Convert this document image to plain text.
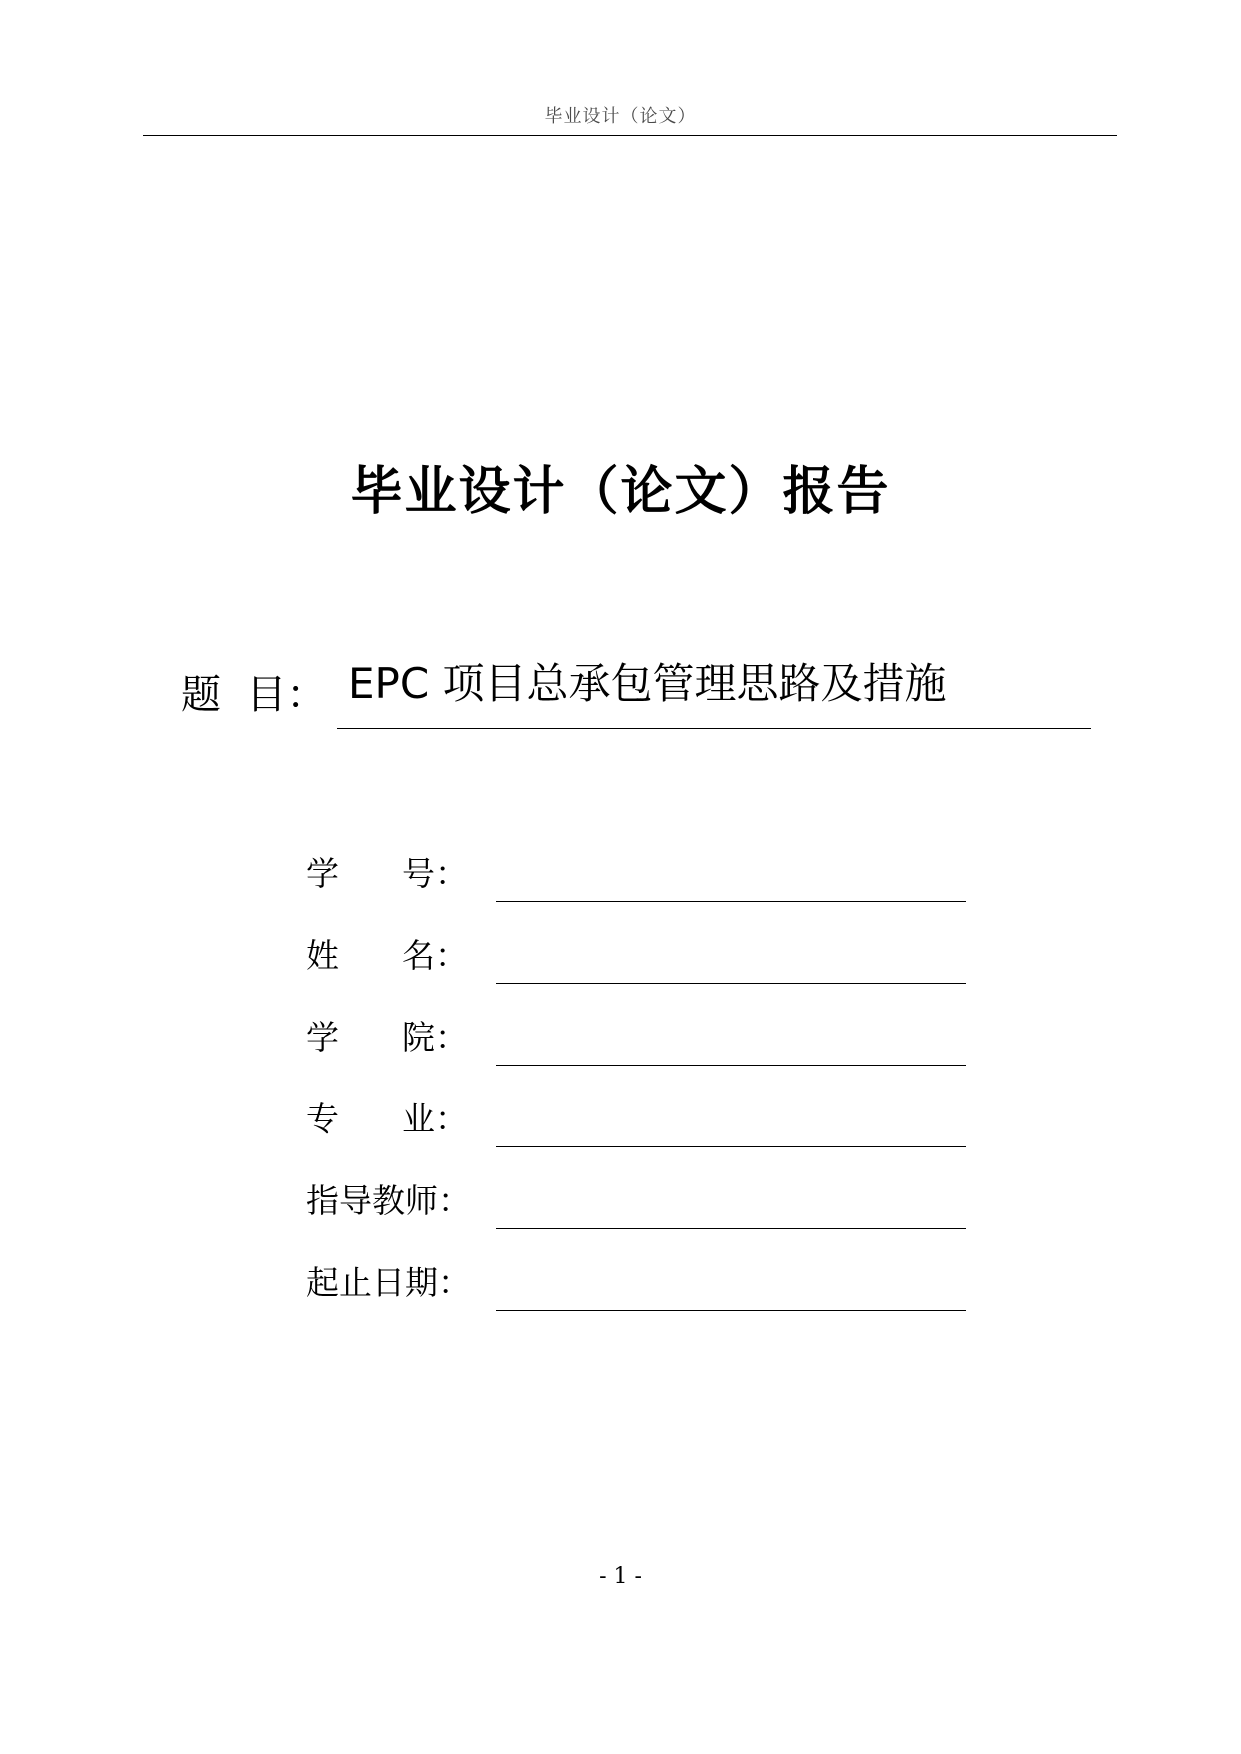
毕业设计（论文）
毕业设计（论文）报告
题  目： EPC 项目总承包管理思路及措施
学      号：
姓      名：
学      院：
专      业：
指导教师：
起止日期：
- 1 -
